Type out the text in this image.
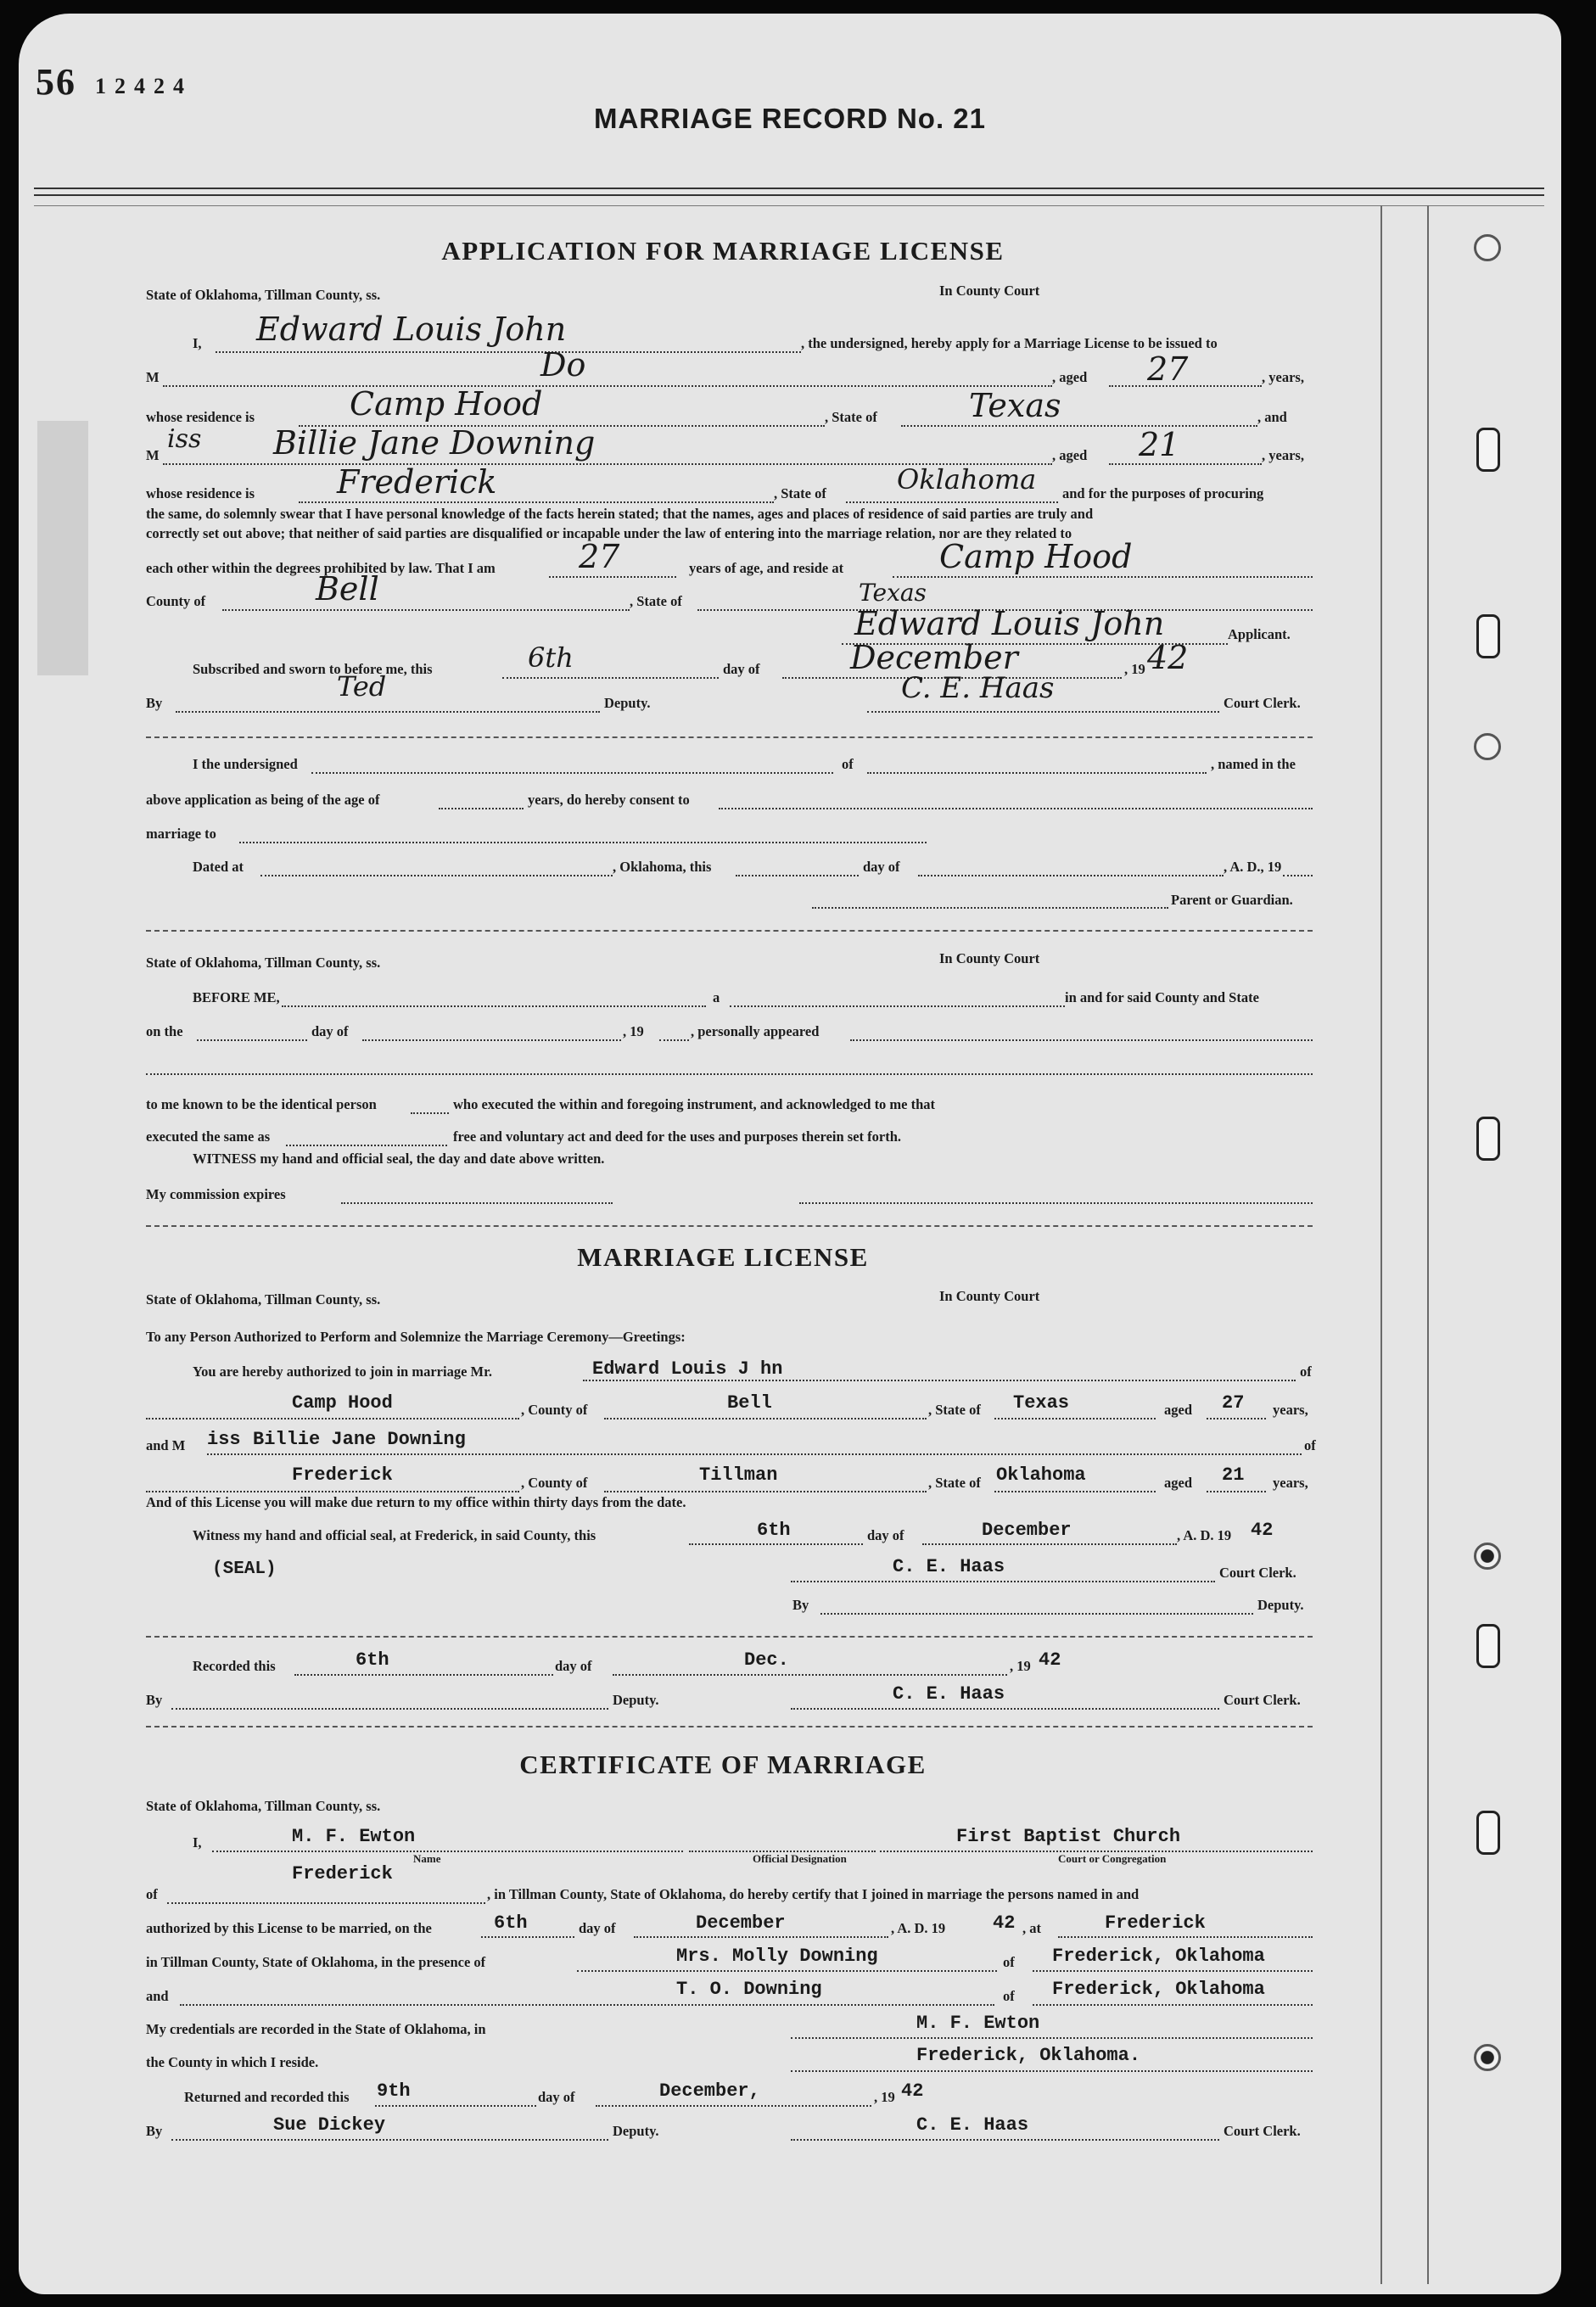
56 12424
MARRIAGE RECORD No. 21
APPLICATION FOR MARRIAGE LICENSE
State of Oklahoma, Tillman County, ss.	In County Court
I, Edward Louis John	, the undersigned, hereby apply for a Marriage License to be issued to
M	Do	, aged 27	, years,
whose residence is	Camp Hood	, State of	Texas	, and
M
iss Billie Jane Downing	, aged 21	, years,
whose residence is	Frederick	, State of	Oklahoma and for the purposes of procuring
the same, do solemnly swear that I have personal knowledge of the facts herein stated; that the names, ages and places of residence of said parties are truly and
correctly set out above; that neither of said parties are disqualified or incapable under the law of entering into the marriage relation, nor are they related to
each other within the degrees prohibited by law. That I am	27	years of age, and reside at	Camp Hood
County of	Bell	, State of	Texas
Edward Louis John	Applicant.
Subscribed and sworn to before me, this	6th	day of	December	, 19 42
By
Ted
Deputy.	C. E. Haas	Court Clerk.
I the undersigned	of	, named in the
above application as being of the age of	years, do hereby consent to
marriage to
Dated at	, Oklahoma, this	day of	, A. D., 19
Parent or Guardian.
State of Oklahoma, Tillman County, ss.	In County Court
BEFORE ME,	a	in and for said County and State
on the	day of	, 19	, personally appeared
to me known to be the identical person	who executed the within and foregoing instrument, and acknowledged to me that
executed the same as	free and voluntary act and deed for the uses and purposes therein set forth.
WITNESS my hand and official seal, the day and date above written.
My commission expires
MARRIAGE LICENSE
State of Oklahoma, Tillman County, ss.	In County Court
To any Person Authorized to Perform and Solemnize the Marriage Ceremony—Greetings:
You are hereby authorized to join in marriage Mr.	Edward Louis J hn	of
Camp Hood	, County of	Bell	, State of Texas	aged 27 years,
and M iss Billie Jane Downing	of
Frederick	, County of	Tillman	, State of Oklahoma	aged 21 years,
And of this License you will make due return to my office within thirty days from the date.
Witness my hand and official seal, at Frederick, in said County, this	6th	day of	December	, A. D. 19 42
(SEAL)	C. E. Haas	Court Clerk.
By	Deputy.
Recorded this	6th	day of	Dec.	, 19 42
By	Deputy.	C. E. Haas	Court Clerk.
CERTIFICATE OF MARRIAGE
State of Oklahoma, Tillman County, ss.
I,	M. F. Ewton	First Baptist Church
Name	Official Designation	Court or Congregation
of
Frederick
, in Tillman County, State of Oklahoma, do hereby certify that I joined in marriage the persons named in and
authorized by this License to be married, on the	6th	day of	December	, A. D. 19	42 , at	Frederick
in Tillman County, State of Oklahoma, in the presence of	Mrs. Molly Downing	of Frederick, Oklahoma
and	T. O. Downing	of Frederick, Oklahoma
My credentials are recorded in the State of Oklahoma, in	M. F. Ewton
the County in which I reside.	Frederick, Oklahoma.
Returned and recorded this 9th	day of	December,	, 19 42
By	Sue Dickey	Deputy.	C. E. Haas	Court Clerk.
